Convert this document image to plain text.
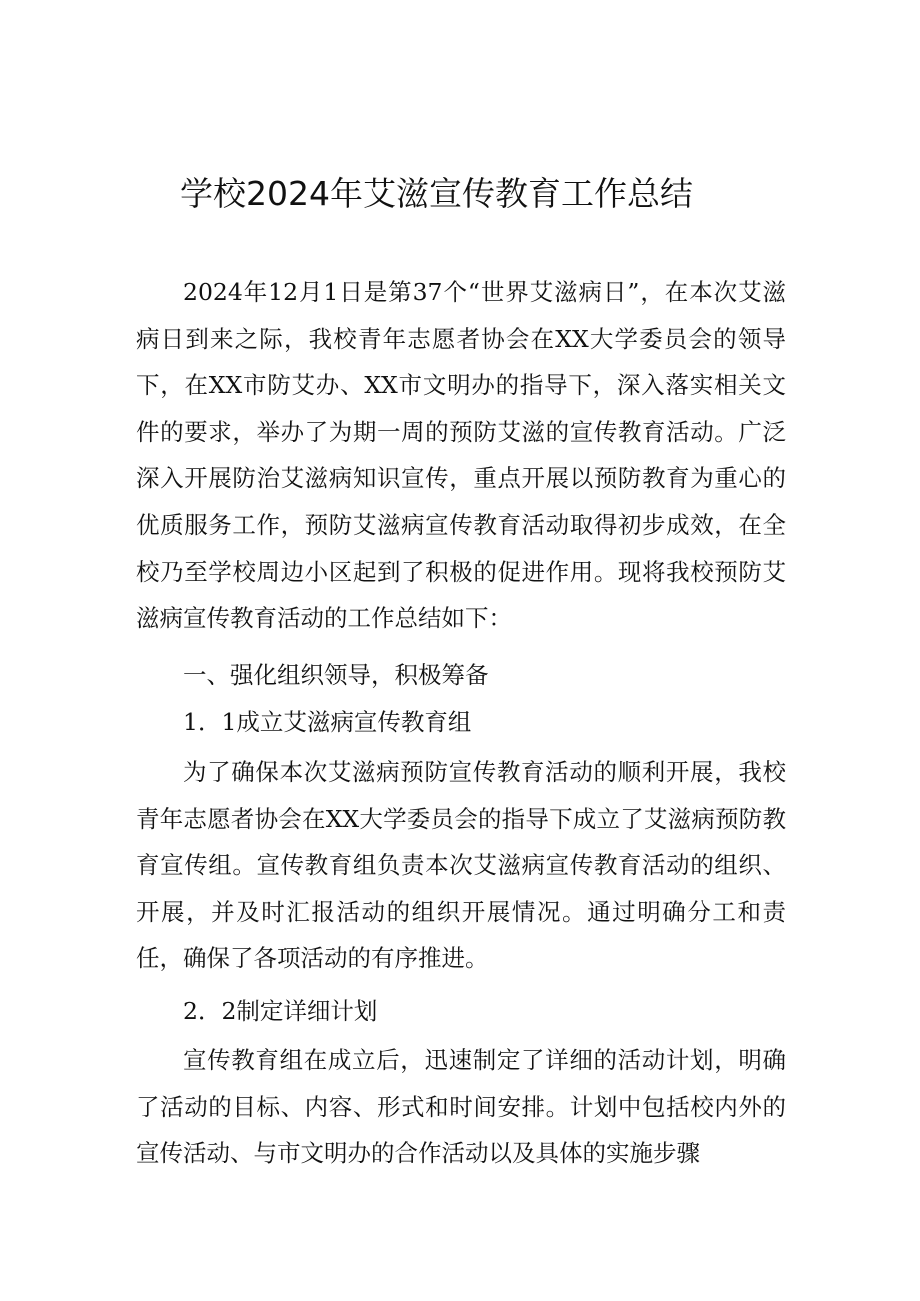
学校2024年艾滋宣传教育工作总结

2024年12月1日是第37个“世界艾滋病日”，在本次艾滋病日到来之际，我校青年志愿者协会在XX大学委员会的领导下，在XX市防艾办、XX市文明办的指导下，深入落实相关文件的要求，举办了为期一周的预防艾滋的宣传教育活动。广泛深入开展防治艾滋病知识宣传，重点开展以预防教育为重心的优质服务工作，预防艾滋病宣传教育活动取得初步成效，在全校乃至学校周边小区起到了积极的促进作用。现将我校预防艾滋病宣传教育活动的工作总结如下：

一、强化组织领导，积极筹备
1．1成立艾滋病宣传教育组

为了确保本次艾滋病预防宣传教育活动的顺利开展，我校青年志愿者协会在XX大学委员会的指导下成立了艾滋病预防教育宣传组。宣传教育组负责本次艾滋病宣传教育活动的组织、开展，并及时汇报活动的组织开展情况。通过明确分工和责任，确保了各项活动的有序推进。

2．2制定详细计划

宣传教育组在成立后，迅速制定了详细的活动计划，明确了活动的目标、内容、形式和时间安排。计划中包括校内外的宣传活动、与市文明办的合作活动以及具体的实施步骤
